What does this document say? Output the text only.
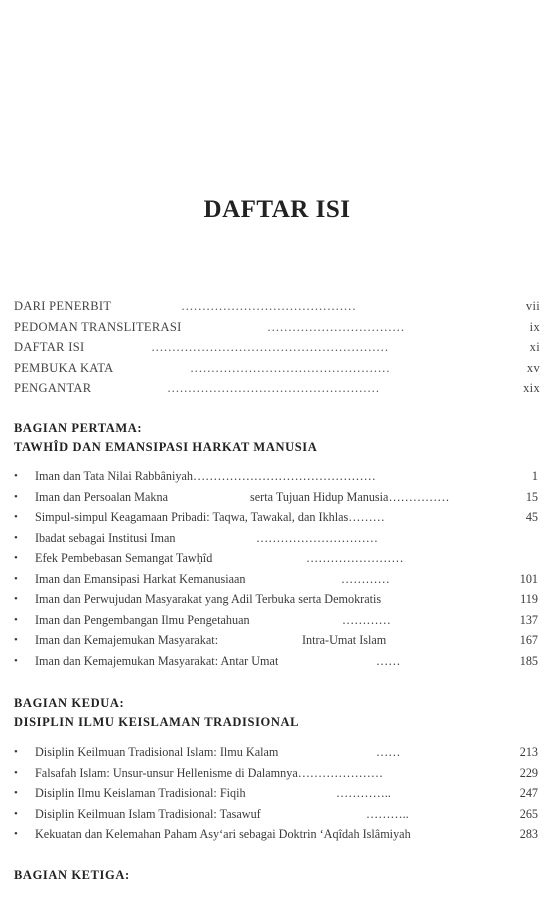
DAFTAR ISI
DARI PENERBIT	……………………………………	vii
PEDOMAN TRANSLITERASI	……………………………	ix
DAFTAR ISI	…………………………………………………	xi
PEMBUKA KATA	…………………………………………	xv
PENGANTAR	……………………………………………	xix
BAGIAN PERTAMA:
TAWHÎD DAN EMANSIPASI HARKAT MANUSIA
• Iman dan Tata Nilai Rabbâniyah………………………………………	1
• Iman dan Persoalan Makna	serta Tujuan Hidup Manusia……………	15
• Simpul-simpul Keagamaan Pribadi: Taqwa, Tawakal, dan Ikhlas………	45
• Ibadat sebagai Institusi Iman	…………………………
• Efek Pembebasan Semangat Tawḥîd	……………………
• Iman dan Emansipasi Harkat Kemanusiaan	…………	101
• Iman dan Perwujudan Masyarakat yang Adil Terbuka serta Demokratis	119
• Iman dan Pengembangan Ilmu Pengetahuan	…………	137
• Iman dan Kemajemukan Masyarakat:	Intra-Umat Islam	167
• Iman dan Kemajemukan Masyarakat: Antar Umat	……	185
BAGIAN KEDUA:
DISIPLIN ILMU KEISLAMAN TRADISIONAL
• Disiplin Keilmuan Tradisional Islam: Ilmu Kalam	……	213
• Falsafah Islam: Unsur-unsur Hellenisme di Dalamnya…………………	229
• Disiplin Ilmu Keislaman Tradisional: Fiqih	…………..	247
• Disiplin Keilmuan Islam Tradisional: Tasawuf	………..	265
• Kekuatan dan Kelemahan Paham Asy‘ari sebagai Doktrin ‘Aqîdah Islâmiyah	283
BAGIAN KETIGA:
